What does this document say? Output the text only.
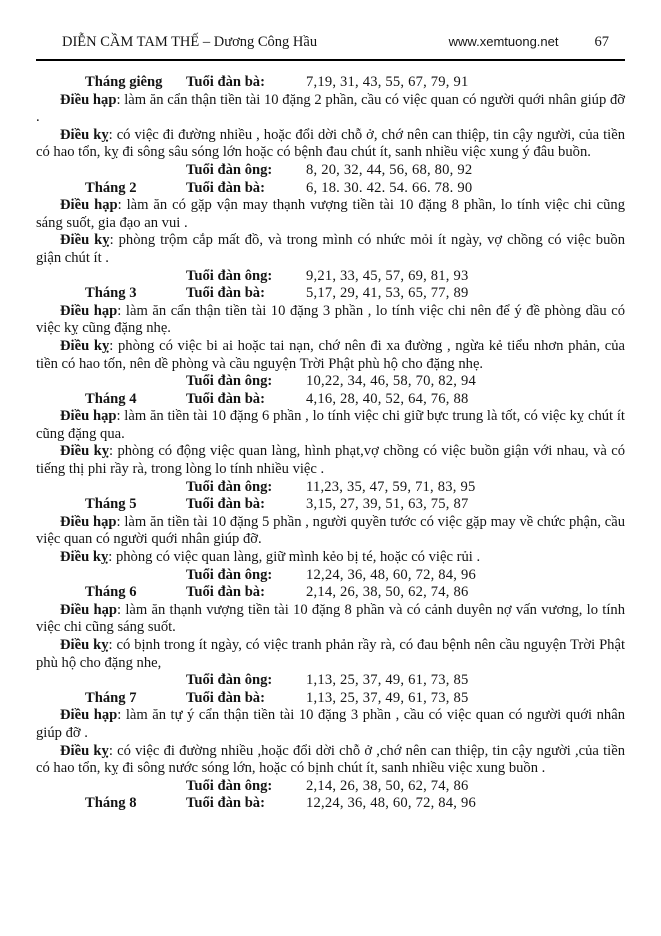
DIỄN CẦM TAM THẾ – Dương Công Hầu	www.xemtuong.net 67
Tháng giêng Tuổi đàn bà:	7,19, 31, 43, 55, 67, 79, 91

Điều hạp: làm ăn cẩn thận tiền tài 10 đặng 2 phần, cầu có việc quan có người quới nhân giúp đỡ .

Điều kỵ: có việc đi đường nhiều , hoặc đổi dời chỗ ở, chớ nên can thiệp, tin cậy người, của tiền có hao tổn, kỵ đi sông sâu sóng lớn hoặc có bệnh đau chút ít, sanh nhiều việc xung ý đâu buồn.

Tuổi đàn ông: 8, 20, 32, 44, 56, 68, 80, 92
Tháng 2	Tuổi đàn bà:	6, 18. 30. 42. 54. 66. 78. 90

Điều hạp: làm ăn có gặp vận may thạnh vượng tiền tài 10 đặng 8 phần, lo tính việc chi cũng sáng suốt, gia đạo an vui .

Điều kỵ: phòng trộm cắp mất đồ, và trong mình có nhức mỏi ít ngày, vợ chồng có việc buồn giận chút ít .

Tuổi đàn ông: 9,21, 33, 45, 57, 69, 81, 93
Tháng 3	Tuổi đàn bà:	5,17, 29, 41, 53, 65, 77, 89

Điều hạp: làm ăn cẩn thận tiền tài 10 đặng 3 phần , lo tính việc chi nên để ý đề phòng dầu có việc kỵ cũng đặng nhẹ.

Điều kỵ: phòng có việc bi ai hoặc tai nạn, chớ nên đi xa đường , ngừa kẻ tiểu nhơn phản, của tiền có hao tốn, nên dề phòng và cầu nguyện Trời Phật phù hộ cho đặng nhẹ.

Tuổi đàn ông: 10,22, 34, 46, 58, 70, 82, 94
Tháng 4	Tuổi đàn bà:	4,16, 28, 40, 52, 64, 76, 88

Điều hạp: làm ăn tiền tài 10 đặng 6 phần , lo tính việc chi giữ bực trung là tốt, có việc kỵ chút ít cũng đặng qua.

Điều kỵ: phòng có động việc quan làng, hình phạt,vợ chồng có việc buồn giận với nhau, và có tiếng thị phi rầy rà, trong lòng lo tính nhiều việc .

Tuổi đàn ông: 11,23, 35, 47, 59, 71, 83, 95
Tháng 5	Tuổi đàn bà:	3,15, 27, 39, 51, 63, 75, 87

Điều hạp: làm ăn tiền tài 10 đặng 5 phần , người quyền tước có việc gặp may về chức phận, cầu việc quan có người quới nhân giúp đỡ.

Điều kỵ: phòng có việc quan làng, giữ mình kẻo bị té, hoặc có việc rủi .

Tuổi đàn ông: 12,24, 36, 48, 60, 72, 84, 96
Tháng 6	Tuổi đàn bà:	2,14, 26, 38, 50, 62, 74, 86

Điều hạp: làm ăn thạnh vượng tiền tài 10 đặng 8 phần và có cảnh duyên nợ vấn vương, lo tính việc chi cũng sáng suốt.

Điều kỵ: có bịnh trong ít ngày, có việc tranh phản rầy rà, có đau bệnh nên cầu nguyện Trời Phật phù hộ cho đặng nhe,

Tuổi đàn ông: 1,13, 25, 37, 49, 61, 73, 85
Tháng 7	Tuổi đàn bà:	1,13, 25, 37, 49, 61, 73, 85

Điều hạp: làm ăn tự ý cẩn thận tiền tài 10 đặng 3 phần , cầu có việc quan có người quới nhân giúp đỡ .

Điều kỵ: có việc đi đường nhiều ,hoặc đổi dời chỗ ở ,chớ nên can thiệp, tin cậy người ,của tiền có hao tổn, kỵ đi sông nước sóng lớn, hoặc có bịnh chút ít, sanh nhiều việc xung buồn .

Tuổi đàn ông: 2,14, 26, 38, 50, 62, 74, 86
Tháng 8	Tuổi đàn bà:	12,24, 36, 48, 60, 72, 84, 96
